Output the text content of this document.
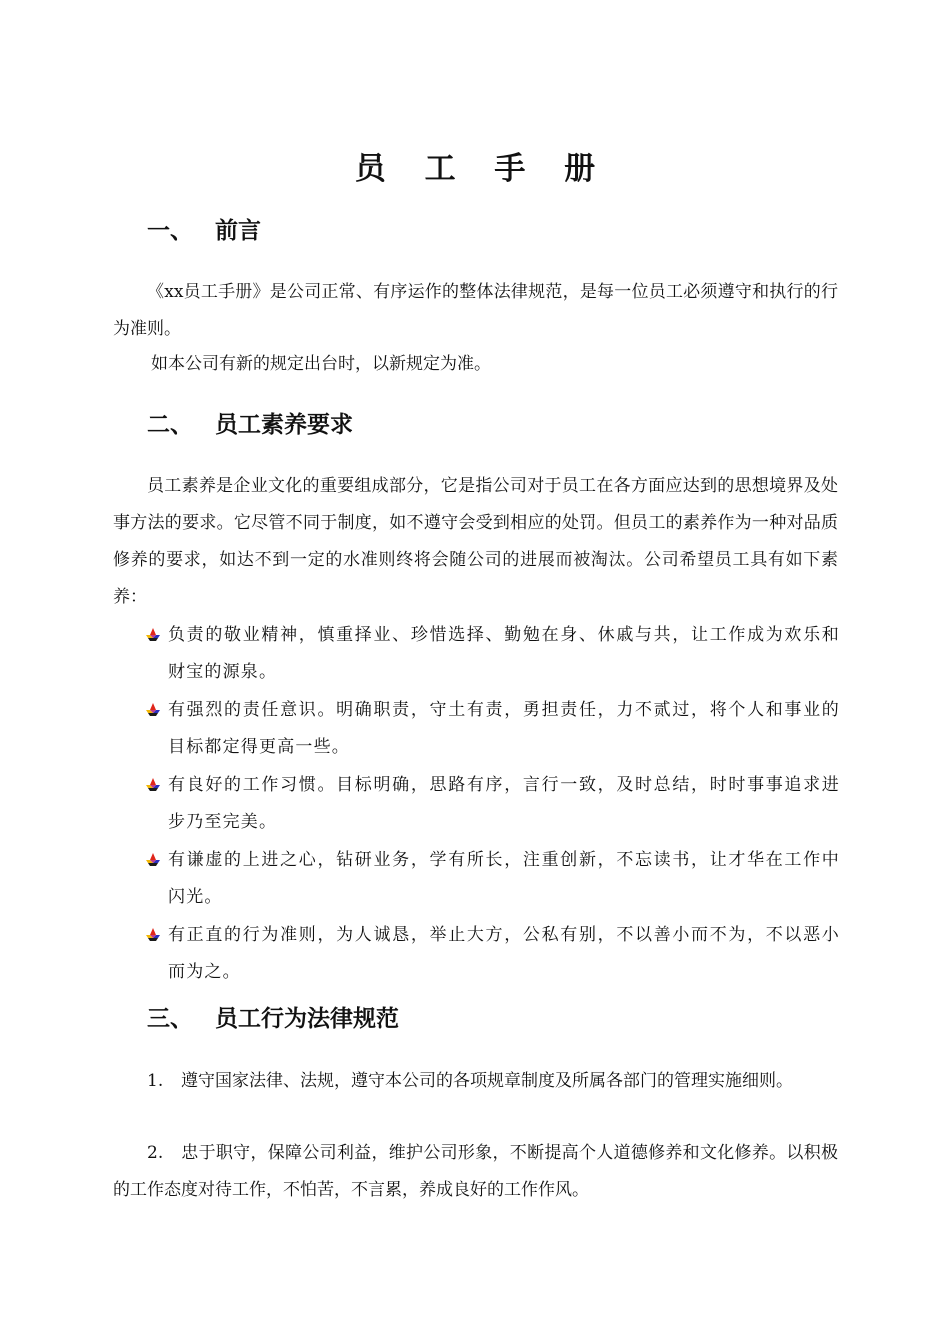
员 工 手 册
一、 前言

《xx员工手册》是公司正常、有序运作的整体法律规范，是每一位员工必须遵守和执行的行为准则。

如本公司有新的规定出台时，以新规定为准。

二、 员工素养要求

员工素养是企业文化的重要组成部分，它是指公司对于员工在各方面应达到的思想境界及处事方法的要求。它尽管不同于制度，如不遵守会受到相应的处罚。但员工的素养作为一种对品质修养的要求，如达不到一定的水准则终将会随公司的进展而被淘汰。公司希望员工具有如下素养：

负责的敬业精神，慎重择业、珍惜选择、勤勉在身、休戚与共，让工作成为欢乐和财宝的源泉。
有强烈的责任意识。明确职责，守土有责，勇担责任，力不贰过，将个人和事业的目标都定得更高一些。
有良好的工作习惯。目标明确，思路有序，言行一致，及时总结，时时事事追求进步乃至完美。
有谦虚的上进之心，钻研业务，学有所长，注重创新，不忘读书，让才华在工作中闪光。
有正直的行为准则，为人诚恳，举止大方，公私有别，不以善小而不为，不以恶小而为之。
三、 员工行为法律规范

1. 遵守国家法律、法规，遵守本公司的各项规章制度及所属各部门的管理实施细则。

2. 忠于职守，保障公司利益，维护公司形象，不断提高个人道德修养和文化修养。以积极的工作态度对待工作，不怕苦，不言累，养成良好的工作作风。
